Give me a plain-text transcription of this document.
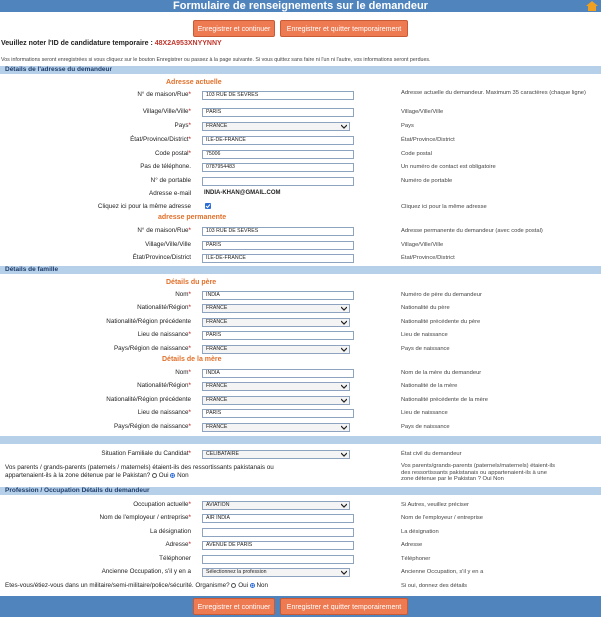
Formulaire de renseignements sur le demandeur
Enregistrer et continuer	Enregistrer et quitter temporairement
Veuillez noter l'ID de candidature temporaire : 48X2A953XNYYNNY
Vos informations seront enregistrées si vous cliquez sur le bouton Enregistrer ou passez à la page suivante. Si vous quittez sans faire ni l'un ni l'autre, vos informations seront perdues.
Détails de l'adresse du demandeur
Adresse actuelle
N° de maison/Rue*	103 RUE DE SEVRES	Adresse actuelle du demandeur. Maximum 35 caractères (chaque ligne)
Village/Ville/Ville*	PARIS	Village/Ville/Ville
Pays*	FRANCE	Pays
État/Province/District*	ILE-DE-FRANCE	État/Province/District
Code postal*	75006	Code postal
Pas de téléphone.	0787954483	Un numéro de contact est obligatoire
N° de portable	Numéro de portable
Adresse e-mail INDIA-KHAN@GMAIL.COM
Cliquez ici pour la même adresse	Cliquez ici pour la même adresse
adresse permanente
N° de maison/Rue*	103 RUE DE SEVRES	Adresse permanente du demandeur (avec code postal)
Village/Ville/Ville	PARIS	Village/Ville/Ville
État/Province/District	ILE-DE-FRANCE	État/Province/District
Détails de famille
Détails du père
Nom*	INDIA	Numéro de père du demandeur
Nationalité/Région*	FRANCE	Nationalité du père
Nationalité/Région précédente	FRANCE	Nationalité précédente du père
Lieu de naissance*	PARIS	Lieu de naissance
Pays/Région de naissance*	FRANCE	Pays de naissance
Détails de la mère
Nom*	INDIA	Nom de la mère du demandeur
Nationalité/Région*	FRANCE	Nationalité de la mère
Nationalité/Région précédente	FRANCE	Nationalité précédente de la mère
Lieu de naissance*	PARIS	Lieu de naissance
Pays/Région de naissance*	FRANCE	Pays de naissance
Situation Familiale du Candidat*	CELIBATAIRE	État civil du demandeur
Vos parents / grands-parents (paternels / maternels) étaient-ils des ressortissants pakistanais ou
appartenaient-ils à la zone détenue par le Pakistan? Oui Non
Vos parents/grands-parents (paternels/maternels) étaient-ils
des ressortissants pakistanais ou appartenaient-ils à une
zone détenue par le Pakistan ? Oui Non
Profession / Occupation Détails du demandeur
Occupation actuelle*	AVIATION	Si Autres, veuillez préciser
Nom de l'employeur / entreprise*	AIR INDIA	Nom de l'employeur / entreprise
La désignation	La désignation
Adresse*	AVENUE DE PARIS	Adresse
Téléphoner	Téléphoner
Ancienne Occupation, s'il y en a	Sélectionnez la profession	Ancienne Occupation, s'il y en a
Etes-vous/étiez-vous dans un militaire/semi-militaire/police/sécurité. Organisme? Oui Non	Si oui, donnez des détails
Enregistrer et continuer	Enregistrer et quitter temporairement
